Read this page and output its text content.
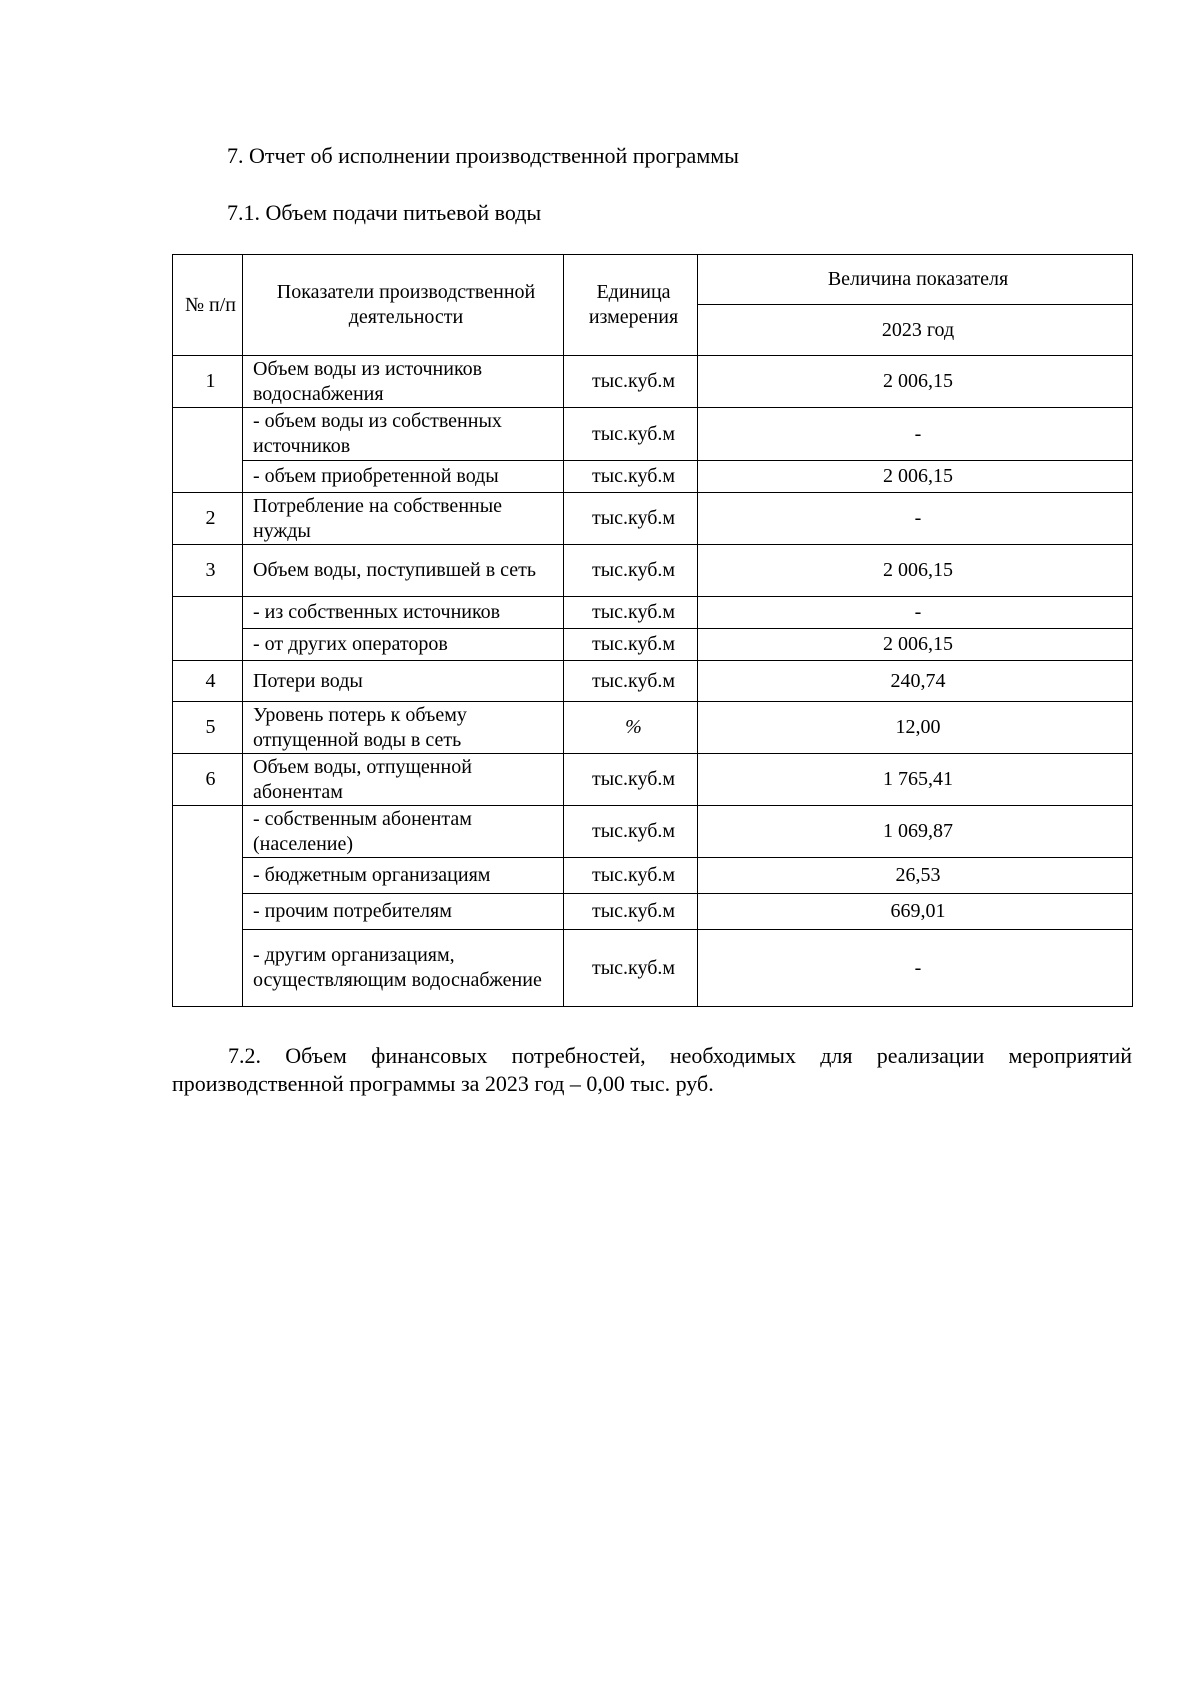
7. Отчет об исполнении производственной программы
7.1. Объем подачи питьевой воды
№ п/п	Показатели производственной деятельности	Единица измерения	Величина показателя
			2023 год
1	Объем воды из источников водоснабжения	тыс.куб.м	2 006,15
	- объем воды из собственных источников	тыс.куб.м	-
	- объем приобретенной воды	тыс.куб.м	2 006,15
2	Потребление на собственные нужды	тыс.куб.м	-
3	Объем воды, поступившей в сеть	тыс.куб.м	2 006,15
	- из собственных источников	тыс.куб.м	-
	- от других операторов	тыс.куб.м	2 006,15
4	Потери воды	тыс.куб.м	240,74
5	Уровень потерь к объему отпущенной воды в сеть	%	12,00
6	Объем воды, отпущенной абонентам	тыс.куб.м	1 765,41
	- собственным абонентам (население)	тыс.куб.м	1 069,87
	- бюджетным организациям	тыс.куб.м	26,53
	- прочим потребителям	тыс.куб.м	669,01
	- другим организациям, осуществляющим водоснабжение	тыс.куб.м	-

7.2. Объем финансовых потребностей, необходимых для реализации мероприятий производственной программы за 2023 год – 0,00 тыс. руб.
